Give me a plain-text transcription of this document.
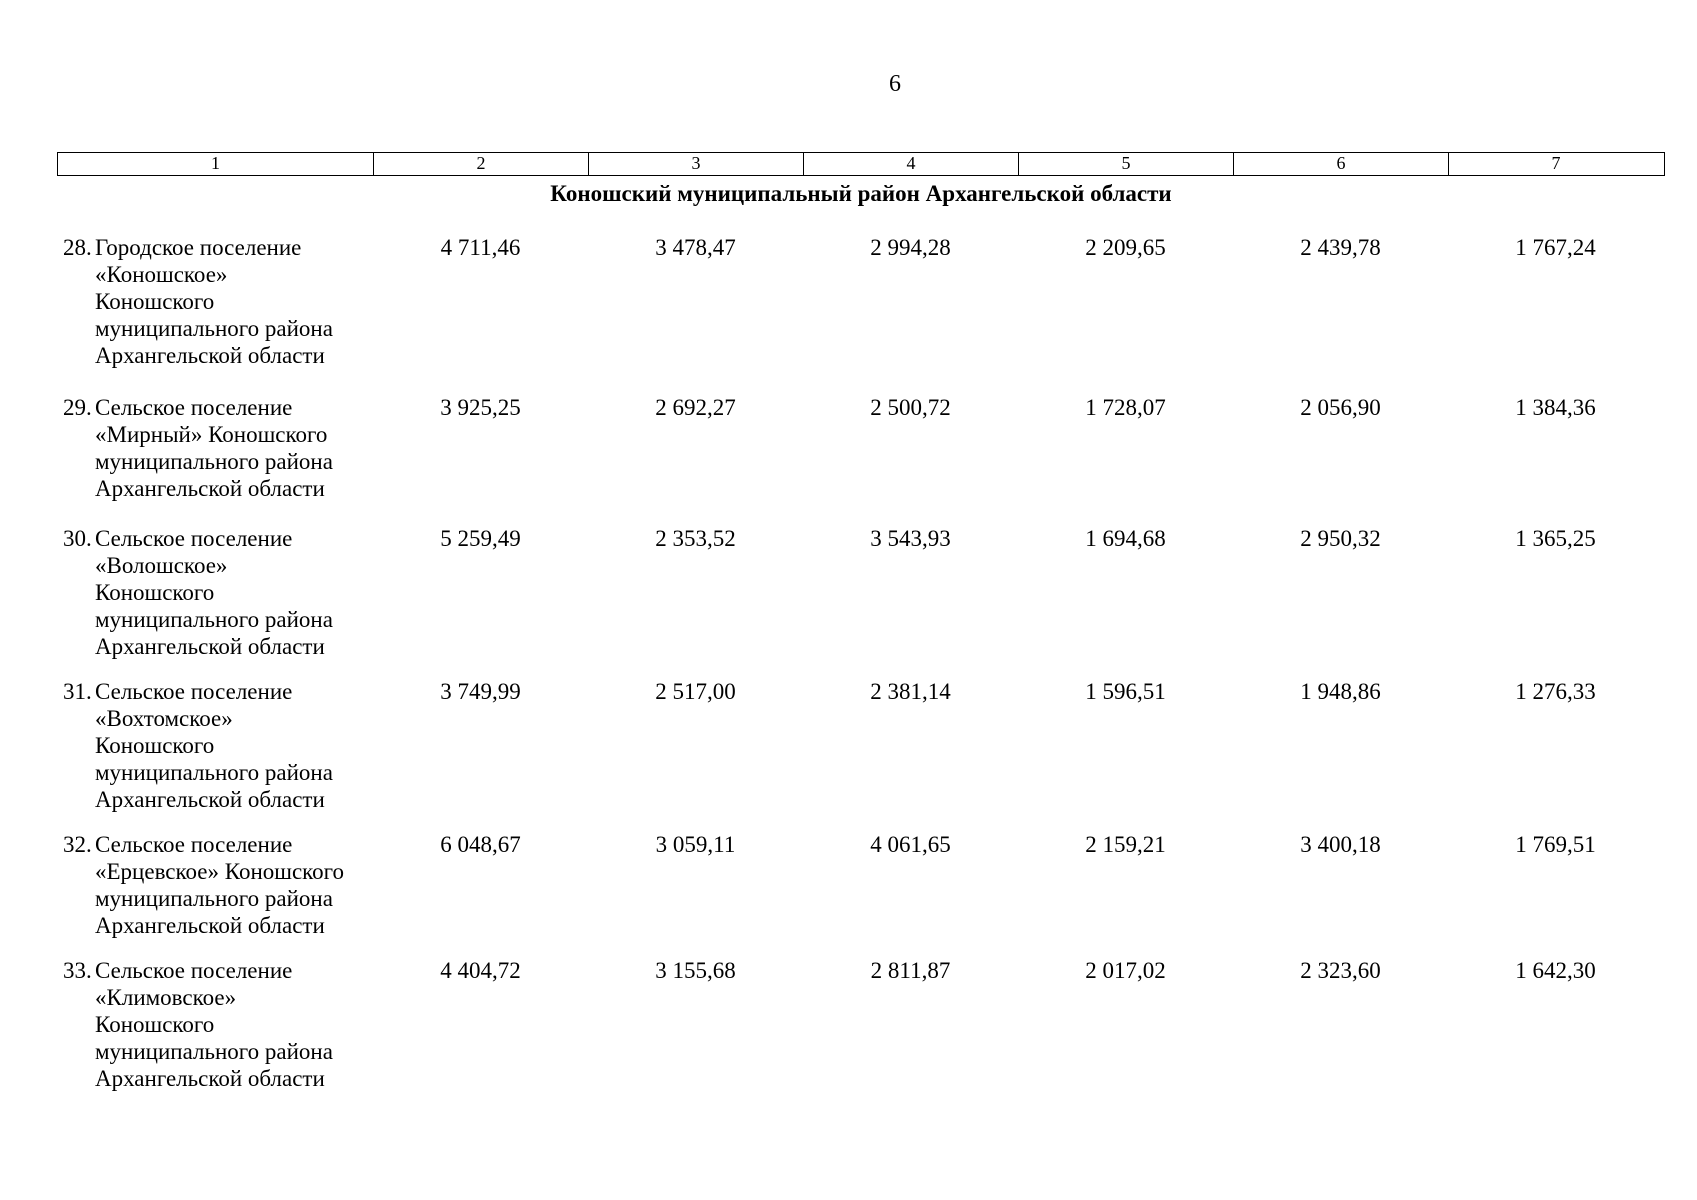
6
1	2	3	4	5	6	7
Коношский муниципальный район Архангельской области
28. Городское поселение
«Коношское»
Коношского
муниципального района
Архангельской области
4 711,46	3 478,47	2 994,28	2 209,65	2 439,78	1 767,24
29. Сельское поселение
«Мирный» Коношского
муниципального района
Архангельской области
3 925,25	2 692,27	2 500,72	1 728,07	2 056,90	1 384,36
30. Сельское поселение
«Волошское»
Коношского
муниципального района
Архангельской области
5 259,49	2 353,52	3 543,93	1 694,68	2 950,32	1 365,25
31. Сельское поселение
«Вохтомское»
Коношского
муниципального района
Архангельской области
3 749,99	2 517,00	2 381,14	1 596,51	1 948,86	1 276,33
32. Сельское поселение
«Ерцевское» Коношского
муниципального района
Архангельской области
6 048,67	3 059,11	4 061,65	2 159,21	3 400,18	1 769,51
33. Сельское поселение
«Климовское»
Коношского
муниципального района
Архангельской области
4 404,72	3 155,68	2 811,87	2 017,02	2 323,60	1 642,30
